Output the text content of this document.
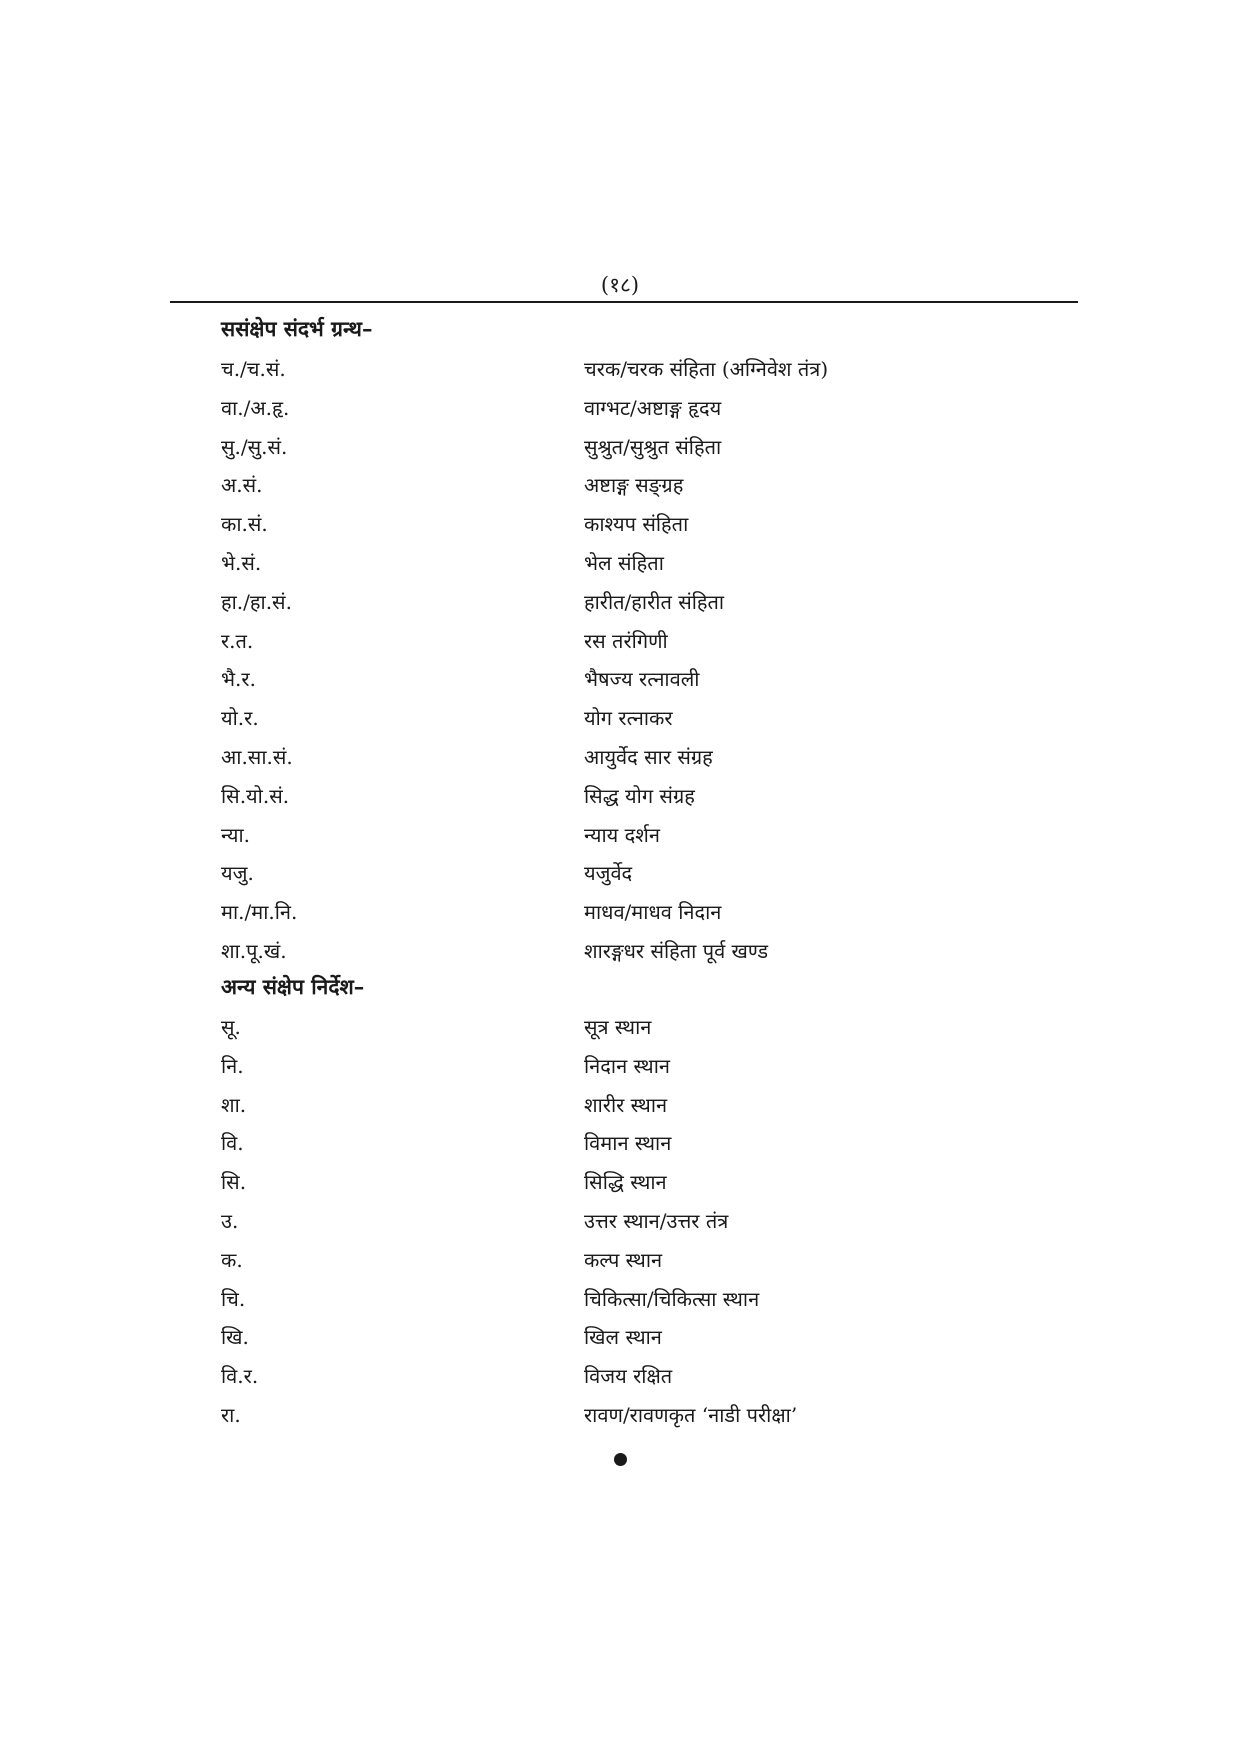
(१८)
ससंक्षेप संदर्भ ग्रन्थ–
च./च.सं.	चरक/चरक संहिता (अग्निवेश तंत्र)
वा./अ.हृ.	वाग्भट/अष्टाङ्ग हृदय
सु./सु.सं.	सुश्रुत/सुश्रुत संहिता
अ.सं.	अष्टाङ्ग सङ्ग्रह
का.सं.	काश्यप संहिता
भे.सं.	भेल संहिता
हा./हा.सं.	हारीत/हारीत संहिता
र.त.	रस तरंगिणी
भै.र.	भैषज्य रत्नावली
यो.र.	योग रत्नाकर
आ.सा.सं.	आयुर्वेद सार संग्रह
सि.यो.सं.	सिद्ध योग संग्रह
न्या.	न्याय दर्शन
यजु.	यजुर्वेद
मा./मा.नि.	माधव/माधव निदान
शा.पू.खं.	शारङ्गधर संहिता पूर्व खण्ड
अन्य संक्षेप निर्देश–
सू.	सूत्र स्थान
नि.	निदान स्थान
शा.	शारीर स्थान
वि.	विमान स्थान
सि.	सिद्धि स्थान
उ.	उत्तर स्थान/उत्तर तंत्र
क.	कल्प स्थान
चि.	चिकित्सा/चिकित्सा स्थान
खि.	खिल स्थान
वि.र.	विजय रक्षित
रा.	रावण/रावणकृत ‘नाडी परीक्षा’
